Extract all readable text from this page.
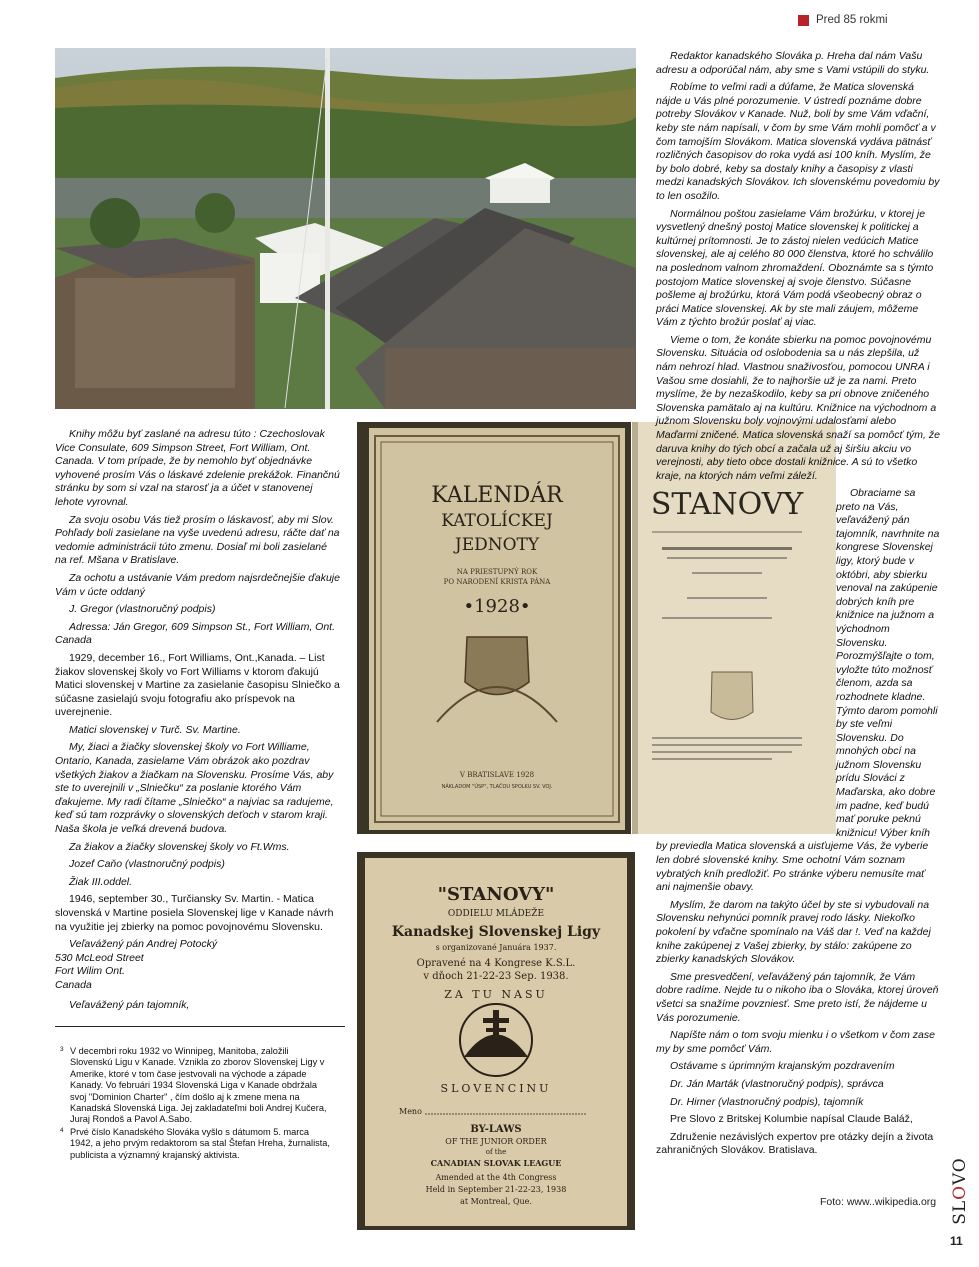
Pred 85 rokmi
KALENDÁR
KATOLÍCKEJ
JEDNOTY
NA PRIESTUPNÝ ROK
PO NARODENÍ KRISTA PÁNA
•1928•
V BRATISLAVE 1928
NÁKLADOM "ÚSP", TLAČOU SPOLKU SV. VOJ.
STANOVY
"STANOVY"
ODDIELU MLÁDEŽE
Kanadskej Slovenskej Ligy
s organizované Januára 1937.
Opravené na 4 Kongrese K.S.L.
v dňoch 21-22-23 Sep. 1938.
ZA TU NASU
SLOVENCINU
Meno
BY-LAWS
OF THE JUNIOR ORDER
of the
CANADIAN SLOVAK LEAGUE
Amended at the 4th Congress
Held in September 21-22-23, 1938
at Montreal, Que.

Knihy môžu byť zaslané na adresu túto : Czechoslovak Vice Consulate, 609 Simpson Street, Fort William, Ont. Canada. V tom prípade, že by nemohlo byť objednávke vyhovené prosím Vás o láskavé zdelenie prekážok. Finančnú stránku by som si vzal na starosť ja a účet v stanovenej lehote vyrovnal.

Za svoju osobu Vás tiež prosím o láskavosť, aby mi Slov. Pohľady boli zasielane na vyše uvedenú adresu, ráčte dať na vedomie administrácii túto zmenu. Dosiaľ mi boli zasielané na ref. Mšana v Bratislave.

Za ochotu a ustávanie Vám predom najsrdečnejšie ďakuje Vám v úcte oddaný

J. Gregor (vlastnoručný podpis)

Adressa: Ján Gregor, 609 Simpson St., Fort William, Ont. Canada

1929, december 16., Fort Williams, Ont.,Kanada. – List žiakov slovenskej školy vo Fort Williams v ktorom ďakujú Matici slovenskej v Martine za zasielanie časopisu Slniečko a súčasne zasielajú svoju fotografiu ako príspevok na uverejnenie.

Matici slovenskej v Turč. Sv. Martine.

My, žiaci a žiačky slovenskej školy vo Fort Williame, Ontario, Kanada, zasielame Vám obrázok ako pozdrav všetkých žiakov a žiačkam na Slovensku. Prosíme Vás, aby ste to uverejnili v „Slniečku“ za poslanie ktorého Vám ďakujeme. My radi čítame „Slniečko“ a najviac sa radujeme, keď sú tam rozprávky o slovenských deťoch v starom kraji. Naša škola je veľká drevená budova.

Za žiakov a žiačky slovenskej školy vo Ft.Wms.

Jozef Caňo (vlastnoručný podpis)

Žiak III.oddel.

1946, september 30., Turčiansky Sv. Martin. - Matica slovenská v Martine posiela Slovenskej lige v Kanade návrh na využitie jej zbierky na pomoc povojnovému Slovensku.

Veľavážený pán Andrej Potocký
530 McLeod Street
Fort Wilim Ont.
Canada

Veľavážený pán tajomník,

3 V decembri roku 1932 vo Winnipeg, Manitoba, založili Slovenskú Ligu v Kanade. Vznikla zo zborov Slovenskej Ligy v Amerike, ktoré v tom čase jestvovali na východe a západe Kanady. Vo februári 1934 Slovenská Liga v Kanade obdržala svoj "Dominion Charter" , čím došlo aj k zmene mena na Kanadská Slovenská Liga. Jej zakladateľmi boli Andrej Kučera, Juraj Rondoš a Pavol A.Sabo.
4 Prvé číslo Kanadského Slováka vyšlo s dátumom 5. marca 1942, a jeho prvým redaktorom sa stal Štefan Hreha, žurnalista, publicista a významný krajanský aktivista.

Redaktor kanadského Slováka p. Hreha dal nám Vašu adresu a odporúčal nám, aby sme s Vami vstúpili do styku.

Robíme to veľmi radi a dúfame, že Matica slovenská nájde u Vás plné porozumenie. V ústredí poznáme dobre potreby Slovákov v Kanade. Nuž, boli by sme Vám vďační, keby ste nám napísali, v čom by sme Vám mohli pomôcť a v čom tamojším Slovákom. Matica slovenská vydáva pätnásť rozličných časopisov do roka vydá asi 100 kníh. Myslím, že by bolo dobré, keby sa dostaly knihy a časopisy z vlasti medzi kanadských Slovákov. Ich slovenskému povedomiu by to len osožilo.

Normálnou poštou zasielame Vám brožúrku, v ktorej je vysvetlený dnešný postoj Matice slovenskej k politickej a kultúrnej prítomnosti. Je to zástoj nielen vedúcich Matice slovenskej, ale aj celého 80 000 členstva, ktoré ho schválilo na poslednom valnom zhromaždení. Oboznámte sa s týmto postojom Matice slovenskej aj svoje členstvo. Súčasne pošleme aj brožúrku, ktorá Vám podá všeobecný obraz o práci Matice slovenskej. Ak by ste mali záujem, môžeme Vám z týchto brožúr poslať aj viac.

Vieme o tom, že konáte sbierku na pomoc povojnovému Slovensku. Situácia od oslobodenia sa u nás zlepšila, už nám nehrozí hlad. Vlastnou snaživosťou, pomocou UNRA i Vašou sme dosiahli, že to najhoršie už je za nami. Preto myslíme, že by nezaškodilo, keby sa pri obnove zničeného Slovenska pamätalo aj na kultúru. Knižnice na východnom a južnom Slovensku boly vojnovými udalosťami alebo Maďarmi zničené. Matica slovenská snaží sa pomôcť tým, že daruva knihy do tých obcí a začala už aj širšiu akciu vo verejnosti, aby tieto obce dostali knižnice. A sú to všetko kraje, na ktorých nám veľmi záleží.

Obraciame sa preto na Vás, veľavážený pán tajomník, navrhnite na kongrese Slovenskej ligy, ktorý bude v októbri, aby sbierku venoval na zakúpenie dobrých kníh pre knižnice na južnom a východnom Slovensku. Porozmýšľajte o tom, vyložte túto možnosť členom, azda sa rozhodnete kladne. Týmto darom pomohli by ste veľmi Slovensku. Do mnohých obcí na južnom Slovensku prídu Slováci z Maďarska, ako dobre im padne, keď budú mať poruke peknú knižnicu! Výber kníh by previedla Matica slovenská a uisťujeme Vás, že vyberie len dobré slovenské knihy. Sme ochotní Vám soznam vybratých kníh predložiť. Po stránke výberu nemusíte mať ani najmenšie obavy.

Myslím, že darom na takýto účel by ste si vybudovali na Slovensku nehynúci pomník pravej rodo lásky. Niekoľko pokolení by vďačne spomínalo na Váš dar !. Veď na každej knihe zakúpenej z Vašej zbierky, by stálo: zakúpene zo zbierky kanadských Slovákov.

Sme presvedčení, veľavážený pán tajomník, že Vám dobre radíme. Nejde tu o nikoho iba o Slováka, ktorej úroveň všetci sa snažíme povzniesť. Sme preto istí, že nájdeme u Vás porozumenie.

Napíšte nám o tom svoju mienku i o všetkom v čom zase my by sme pomôcť Vám.

Ostávame s úprimným krajanským pozdravením

Dr. Ján Marták (vlastnoručný podpis), správca

Dr. Hirner (vlastnoručný podpis), tajomník

Pre Slovo z Britskej Kolumbie napísal Claude Baláž,

Združenie nezávislých expertov pre otázky dejín a života zahraničných Slovákov. Bratislava.

Foto: www..wikipedia.org SLOVO
11
